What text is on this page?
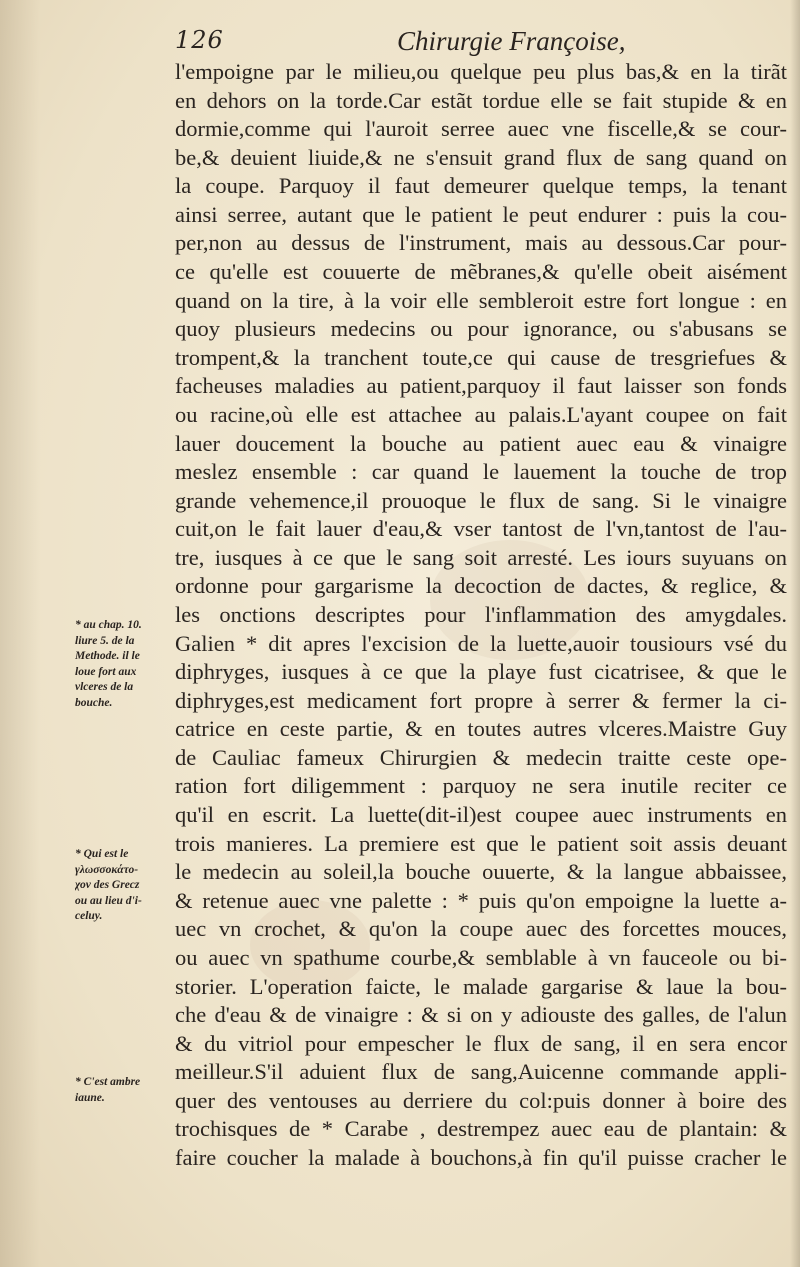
126	Chirurgie Françoise,
l'empoigne par le milieu,ou quelque peu plus bas,& en la tirãt
en dehors on la torde.Car estãt tordue elle se fait stupide & en
dormie,comme qui l'auroit serree auec vne fiscelle,& se cour-
be,& deuient liuide,& ne s'ensuit grand flux de sang quand on
la coupe. Parquoy il faut demeurer quelque temps, la tenant
ainsi serree, autant que le patient le peut endurer : puis la cou-
per,non au dessus de l'instrument, mais au dessous.Car pour-
ce qu'elle est couuerte de mẽbranes,& qu'elle obeit aisément
quand on la tire, à la voir elle sembleroit estre fort longue : en
quoy plusieurs medecins ou pour ignorance, ou s'abusans se
trompent,& la tranchent toute,ce qui cause de tresgriefues &
facheuses maladies au patient,parquoy il faut laisser son fonds
ou racine,où elle est attachee au palais.L'ayant coupee on fait
lauer doucement la bouche au patient auec eau & vinaigre
meslez ensemble : car quand le lauement la touche de trop
grande vehemence,il prouoque le flux de sang. Si le vinaigre
cuit,on le fait lauer d'eau,& vser tantost de l'vn,tantost de l'au-
tre, iusques à ce que le sang soit arresté. Les iours suyuans on
ordonne pour gargarisme la decoction de dactes, & reglice, &
les onctions descriptes pour l'inflammation des amygdales.
Galien * dit apres l'excision de la luette,auoir tousiours vsé du
diphryges, iusques à ce que la playe fust cicatrisee, & que le
diphryges,est medicament fort propre à serrer & fermer la ci-
catrice en ceste partie, & en toutes autres vlceres.Maistre Guy
de Cauliac fameux Chirurgien & medecin traitte ceste ope-
ration fort diligemment : parquoy ne sera inutile reciter ce
qu'il en escrit. La luette(dit-il)est coupee auec instruments en
trois manieres. La premiere est que le patient soit assis deuant
le medecin au soleil,la bouche ouuerte, & la langue abbaissee,
& retenue auec vne palette : * puis qu'on empoigne la luette a-
uec vn crochet, & qu'on la coupe auec des forcettes mouces,
ou auec vn spathume courbe,& semblable à vn fauceole ou bi-
storier. L'operation faicte, le malade gargarise & laue la bou-
che d'eau & de vinaigre : & si on y adiouste des galles, de l'alun
& du vitriol pour empescher le flux de sang, il en sera encor
meilleur.S'il aduient flux de sang,Auicenne commande appli-
quer des ventouses au derriere du col:puis donner à boire des
trochisques de * Carabe , destrempez auec eau de plantain: &
faire coucher la malade à bouchons,à fin qu'il puisse cracher le
* au chap. 10.
liure 5. de la
Methode. il le
loue fort aux
vlceres de la
bouche.
* Qui est le
γλωσσοκάτο-
χον des Grecz
ou au lieu d'i-
celuy.
* C'est ambre
iaune.
